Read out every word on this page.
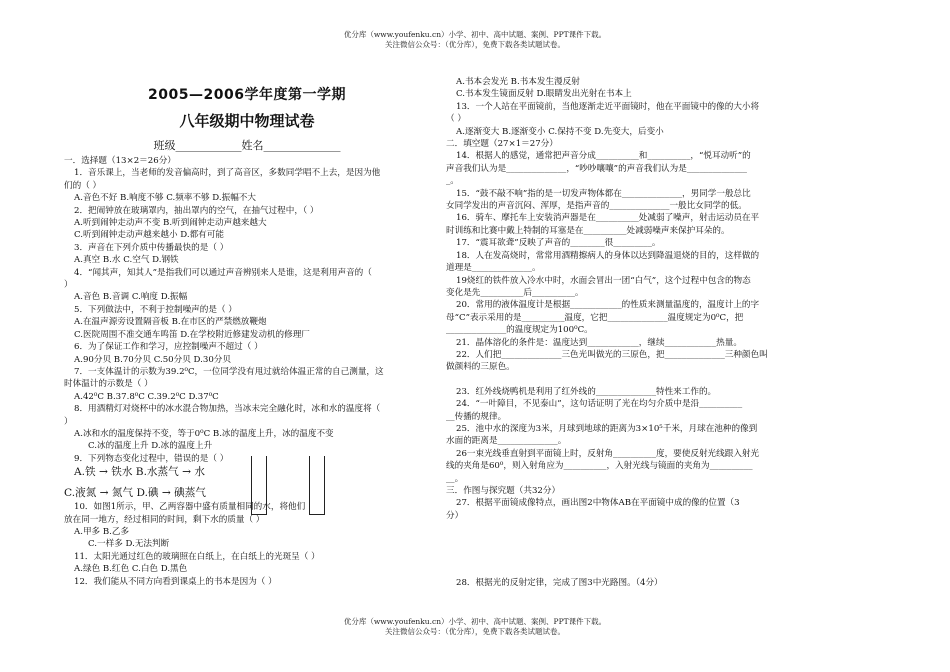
优分库（www.youfenku.cn）小学、初中、高中试题、案例、PPT课件下载。
关注微信公众号：（优分库），免费下载各类试题试卷。
2005—2006学年度第一学期
八年级期中物理试卷
班级____________姓名______________
一．选择题（13×2＝26分）
1．音乐课上，当老师的发音偏高时，到了高音区，多数同学唱不上去，是因为他
们的（ ）
A.音色不好 B.响度不够 C.频率不够 D.振幅不大
2．把闹钟放在玻璃罩内，抽出罩内的空气，在抽气过程中，（ ）
A.听到闹钟走动声不变 B.听到闹钟走动声越来越大
C.听到闹钟走动声越来越小 D.都有可能
3．声音在下列介质中传播最快的是（ ）
A.真空 B.水 C.空气 D.钢铁
4．“闻其声，知其人”是指我们可以通过声音辨别来人是谁，这是利用声音的（
）
A.音色 B.音调 C.响度 D.振幅
5．下列做法中，不利于控制噪声的是（ ）
A.在温声源旁设置隔音板 B.在市区的严禁燃放鞭炮
C.医院周围不准交通车鸣笛 D.在学校附近修建发动机的修理厂
6．为了保证工作和学习，应控制噪声不超过（ ）
A.90分贝 B.70分贝 C.50分贝 D.30分贝
7．一支体温计的示数为39.2⁰C，一位同学没有甩过就给体温正常的自己测量，这
时体温计的示数是（ ）
A.42⁰C B.37.8⁰C C.39.2⁰C D.37⁰C
8．用酒精灯对烧杯中的冰水混合物加热，当冰未完全融化时，冰和水的温度将（
）
A.冰和水的温度保持不变，等于0⁰C B.冰的温度上升，冰的温度不变
C.冰的温度上升 D.冰的温度上升
9．下列物态变化过程中，错误的是（ ）
A.铁 → 铁水 B.水蒸气 → 水
C.液氮 → 氮气 D.碘 → 碘蒸气
10．如图1所示，甲、乙两容器中盛有质量相同的水，将他们
放在同一地方，经过相同的时间，剩下水的质量（ ）
A.甲多 B.乙多
C.一样多 D.无法判断
11．太阳光通过红色的玻璃照在白纸上，在白纸上的光斑呈（ ）
A.绿色 B.红色 C.白色 D.黑色
12．我们能从不同方向看到课桌上的书本是因为（ ）
A.书本会发光 B.书本发生漫反射
C.书本发生镜面反射 D.眼睛发出光射在书本上
13．一个人站在平面镜前，当他逐渐走近平面镜时，他在平面镜中的像的大小将
（ ）
A.逐渐变大 B.逐渐变小 C.保持不变 D.先变大，后变小
二．填空题（27×1＝27分）
14．根据人的感觉，通常把声音分成__________和__________，“悦耳动听”的
声音我们认为是______________，“吵吵嚷嚷”的声音我们认为是______________
_。
15．“鼓不敲不响”指的是一切发声物体都在______________，男同学一般总比
女同学发出的声音沉闷、浑厚，是指声音的______________一般比女同学的低。
16．骑车、摩托车上安装消声器是在__________处减弱了噪声，射击运动员在平
时训练和比赛中戴上特制的耳塞是在__________处减弱噪声来保护耳朵的。
17．“震耳欲聋”反映了声音的________很_________。
18．人在发高烧时，常常用酒精擦病人的身体以达到降温退烧的目的，这样做的
道理是______________。
19烧红的铁件放入冷水中时，水面会冒出一团“白气”，这个过程中包含的物态
变化是先__________后__________。
20．常用的液体温度计是根据____________的性质来测量温度的，温度计上的字
母“C”表示采用的是__________温度，它把______________温度规定为0⁰C，把
______________的温度规定为100⁰C。
21．晶体溶化的条件是：温度达到____________，继续____________热量。
22．人们把______________三色光叫做光的三原色，把______________三种颜色叫
做颜料的三原色。
23．红外线烧鸭机是利用了红外线的______________特性来工作的。
24．“一叶障目，不见泰山”，这句话证明了光在均匀介质中是沿__________
__传播的规律。
25．池中水的深度为3米，月球到地球的距离为3×10⁵千米，月球在池种的像到
水面的距离是______________。
26一束光线垂直射到平面镜上时，反射角__________度，要使反射光线跟入射光
线的夹角是60⁰，则入射角应为__________，入射光线与镜面的夹角为__________
__。
三．作图与探究题（共32分）
27．根据平面镜成像特点，画出图2中物体AB在平面镜中成的像的位置（3
分）
28．根据光的反射定律，完成了图3中光路图。（4分）
优分库（www.youfenku.cn）小学、初中、高中试题、案例、PPT课件下载。
关注微信公众号：（优分库），免费下载各类试题试卷。
